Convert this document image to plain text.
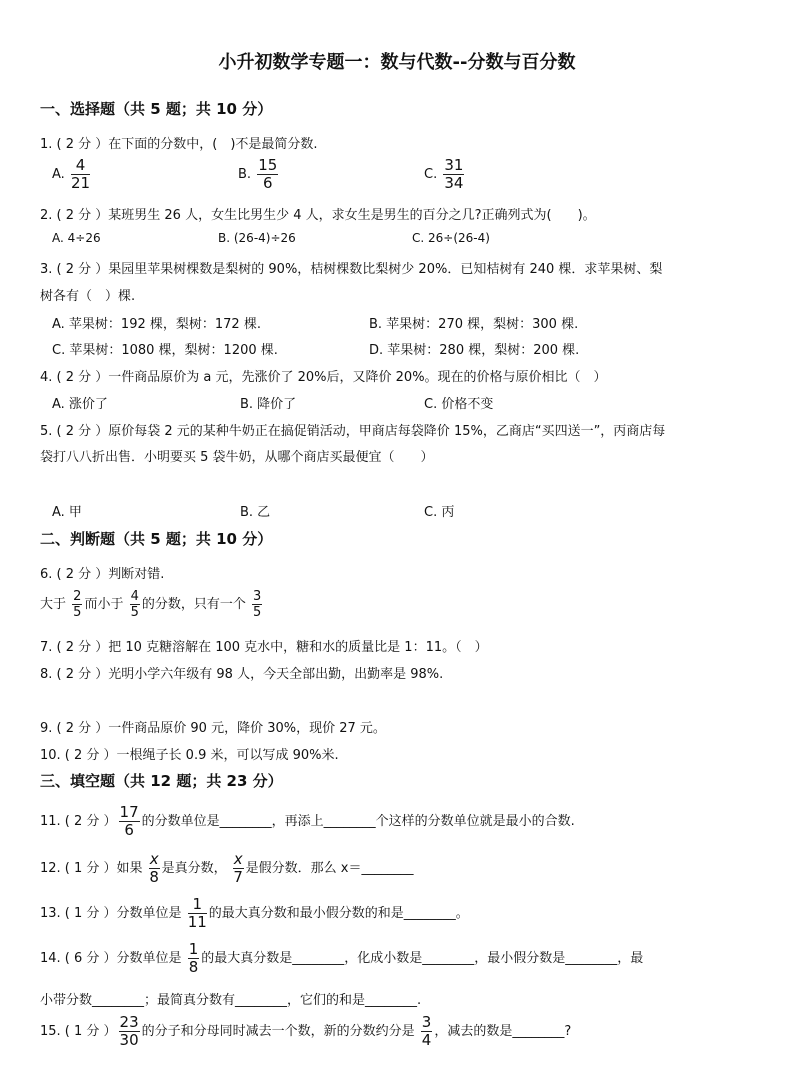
小升初数学专题一：数与代数--分数与百分数
一、选择题（共 5 题；共 10 分）
1. ( 2 分 ）在下面的分数中，(　)不是最简分数.
A. $\frac{4}{21}$	B. $\frac{15}{6}$	C. $\frac{31}{34}$
2. ( 2 分 ）某班男生 26 人，女生比男生少 4 人，求女生是男生的百分之几?正确列式为(　　)。
A. 4÷26	B. (26-4)÷26	C. 26÷(26-4)
3. ( 2 分 ）果园里苹果树棵数是梨树的 90%，桔树棵数比梨树少 20%．已知桔树有 240 棵．求苹果树、梨
树各有（　）棵.
A. 苹果树：192 棵，梨树：172 棵.	B. 苹果树：270 棵，梨树：300 棵.
C. 苹果树：1080 棵，梨树：1200 棵.	D. 苹果树：280 棵，梨树：200 棵.
4. ( 2 分 ）一件商品原价为 a 元，先涨价了 20%后，又降价 20%。现在的价格与原价相比（　）
A. 涨价了	B. 降价了	C. 价格不变
5. ( 2 分 ）原价每袋 2 元的某种牛奶正在搞促销活动，甲商店每袋降价 15%，乙商店“买四送一”，丙商店每
袋打八八折出售．小明要买 5 袋牛奶，从哪个商店买最便宜（　　）
A. 甲	B. 乙	C. 丙
二、判断题（共 5 题；共 10 分）
6. ( 2 分 ）判断对错.
大于 $\frac{2}{5}$ 而小于 $\frac{4}{5}$ 的分数，只有一个 $\frac{3}{5}$
7. ( 2 分 ）把 10 克糖溶解在 100 克水中，糖和水的质量比是 1：11。（　）
8. ( 2 分 ）光明小学六年级有 98 人，今天全部出勤，出勤率是 98%.
9. ( 2 分 ）一件商品原价 90 元，降价 30%，现价 27 元。
10. ( 2 分 ）一根绳子长 0.9 米，可以写成 90%米.
三、填空题（共 12 题；共 23 分）
11. ( 2 分 ） $\frac{17}{6}$ 的分数单位是________，再添上________个这样的分数单位就是最小的合数.
12. ( 1 分 ）如果 $\frac{x}{8}$ 是真分数， $\frac{x}{7}$ 是假分数．那么 x＝________
13. ( 1 分 ）分数单位是 $\frac{1}{11}$ 的最大真分数和最小假分数的和是________。
14. ( 6 分 ）分数单位是 $\frac{1}{8}$ 的最大真分数是________，化成小数是________，最小假分数是________，最
小带分数________；最简真分数有________，它们的和是________.
15. ( 1 分 ） $\frac{23}{30}$ 的分子和分母同时减去一个数，新的分数约分是 $\frac{3}{4}$ ，减去的数是________?
